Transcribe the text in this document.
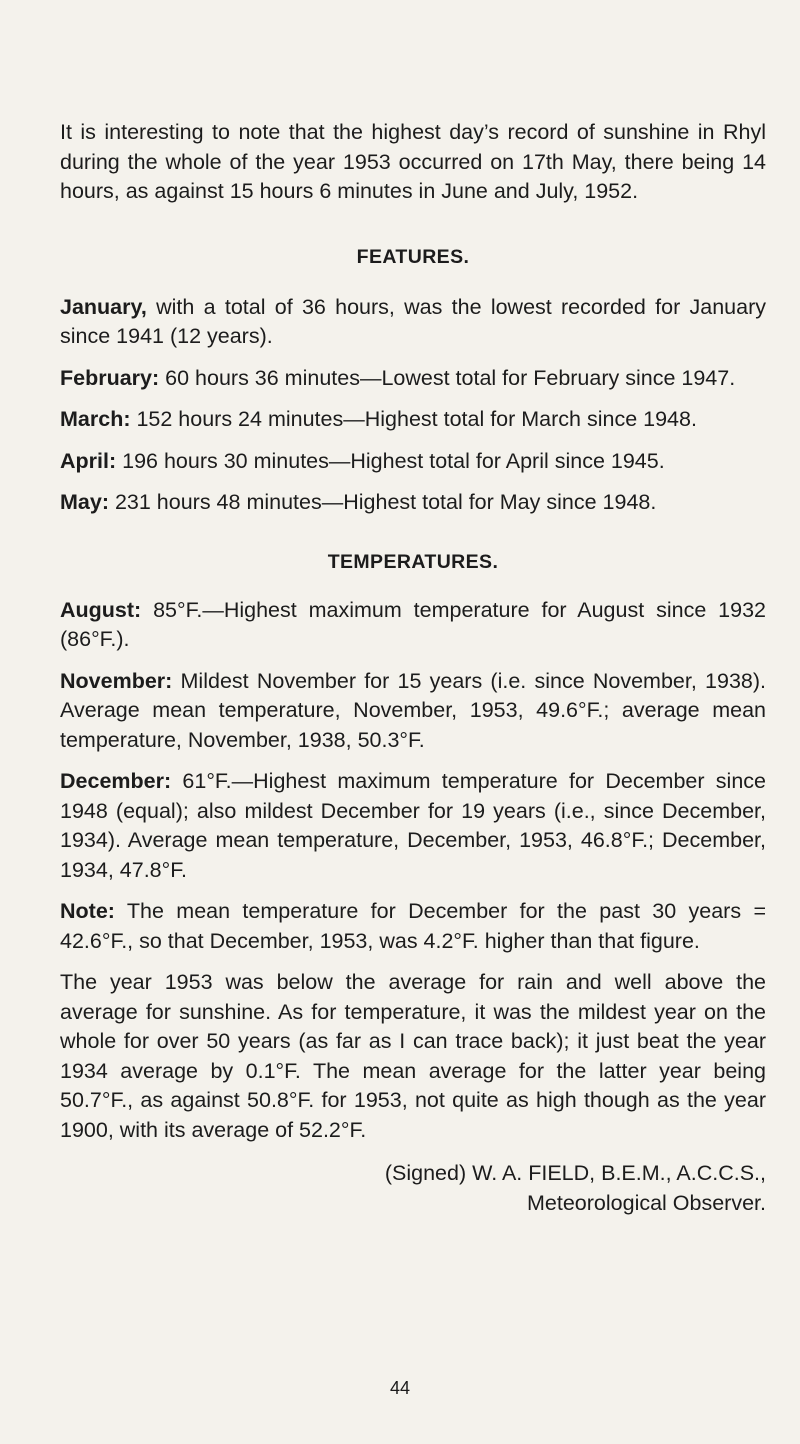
It is interesting to note that the highest day’s record of sunshine in Rhyl during the whole of the year 1953 occurred on 17th May, there being 14 hours, as against 15 hours 6 minutes in June and July, 1952.

FEATURES.

January, with a total of 36 hours, was the lowest recorded for January since 1941 (12 years).

February: 60 hours 36 minutes—Lowest total for February since 1947.

March: 152 hours 24 minutes—Highest total for March since 1948.

April: 196 hours 30 minutes—Highest total for April since 1945.

May: 231 hours 48 minutes—Highest total for May since 1948.

TEMPERATURES.

August: 85°F.—Highest maximum temperature for August since 1932 (86°F.).

November: Mildest November for 15 years (i.e. since November, 1938). Average mean temperature, November, 1953, 49.6°F.; average mean temperature, November, 1938, 50.3°F.

December: 61°F.—Highest maximum temperature for December since 1948 (equal); also mildest December for 19 years (i.e., since December, 1934). Average mean temperature, December, 1953, 46.8°F.; December, 1934, 47.8°F.

Note: The mean temperature for December for the past 30 years = 42.6°F., so that December, 1953, was 4.2°F. higher than that figure.

The year 1953 was below the average for rain and well above the average for sunshine. As for temperature, it was the mildest year on the whole for over 50 years (as far as I can trace back); it just beat the year 1934 average by 0.1°F. The mean average for the latter year being 50.7°F., as against 50.8°F. for 1953, not quite as high though as the year 1900, with its average of 52.2°F.

(Signed) W. A. FIELD, B.E.M., A.C.C.S.,
Meteorological Observer.
44
